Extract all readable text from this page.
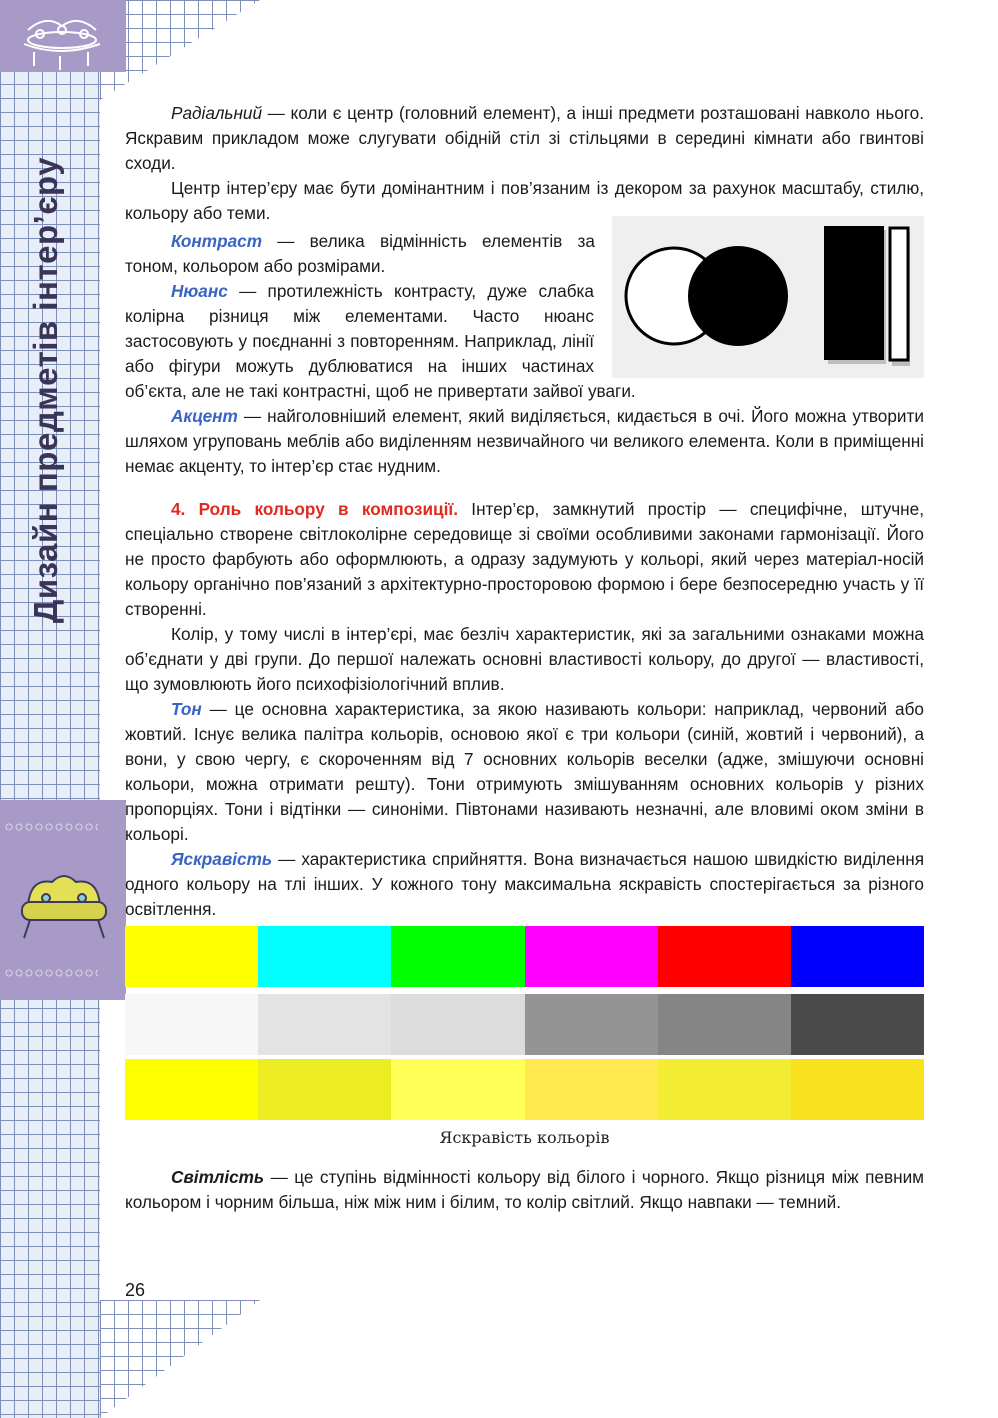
Дизайн предметів інтер’єру

Радіальний — коли є центр (головний елемент), а інші предмети розташовані навколо нього. Яскравим прикладом може слугувати обідній стіл зі стільцями в середині кімнати або гвинтові сходи.

Центр інтер’єру має бути домінантним і пов’язаним із декором за рахунок масштабу, стилю, кольору або теми.

Контраст — велика відмінність елементів за тоном, кольором або розмірами.

Нюанс — протилежність контрасту, дуже слабка колірна різниця між елементами. Часто нюанс застосовують у поєднанні з повторенням. Наприклад, лінії або фігури можуть дублюватися на інших частинах об’єкта, але не такі контрастні, щоб не привертати зайвої уваги.

Акцент — найголовніший елемент, який виділяється, кидається в очі. Його можна утворити шляхом угруповань меблів або виділенням незвичайного чи великого елемента. Коли в приміщенні немає акценту, то інтер’єр стає нудним.

4. Роль кольору в композиції. Інтер’єр, замкнутий простір — специфічне, штучне, спеціально створене світлоколірне середовище зі своїми особливими законами гармонізації. Його не просто фарбують або оформлюють, а одразу задумують у кольорі, який через матеріал-носій кольору органічно пов’язаний з архітектурно-просторовою формою і бере безпосередню участь у її створенні.

Колір, у тому числі в інтер’єрі, має безліч характеристик, які за загальними ознаками можна об’єднати у дві групи. До першої належать основні властивості кольору, до другої — властивості, що зумовлюють його психофізіологічний вплив.

Тон — це основна характеристика, за якою називають кольори: наприклад, червоний або жовтий. Існує велика палітра кольорів, основою якої є три кольори (синій, жовтий і червоний), а вони, у свою чергу, є скороченням від 7 основних кольорів веселки (адже, змішуючи основні кольори, можна отримати решту). Тони отримують змішуванням основних кольорів у різних пропорціях. Тони і відтінки — синоніми. Півтонами називають незначні, але вловимі оком зміни в кольорі.

Яскравість — характеристика сприйняття. Вона визначається нашою швидкістю виділення одного кольору на тлі інших. У кожного тону максимальна яскравість спостерігається за різного освітлення.

Яскравість кольорів

Світлість — це ступінь відмінності кольору від білого і чорного. Якщо різниця між певним кольором і чорним більша, ніж між ним і білим, то колір світлий. Якщо навпаки — темний.

26
